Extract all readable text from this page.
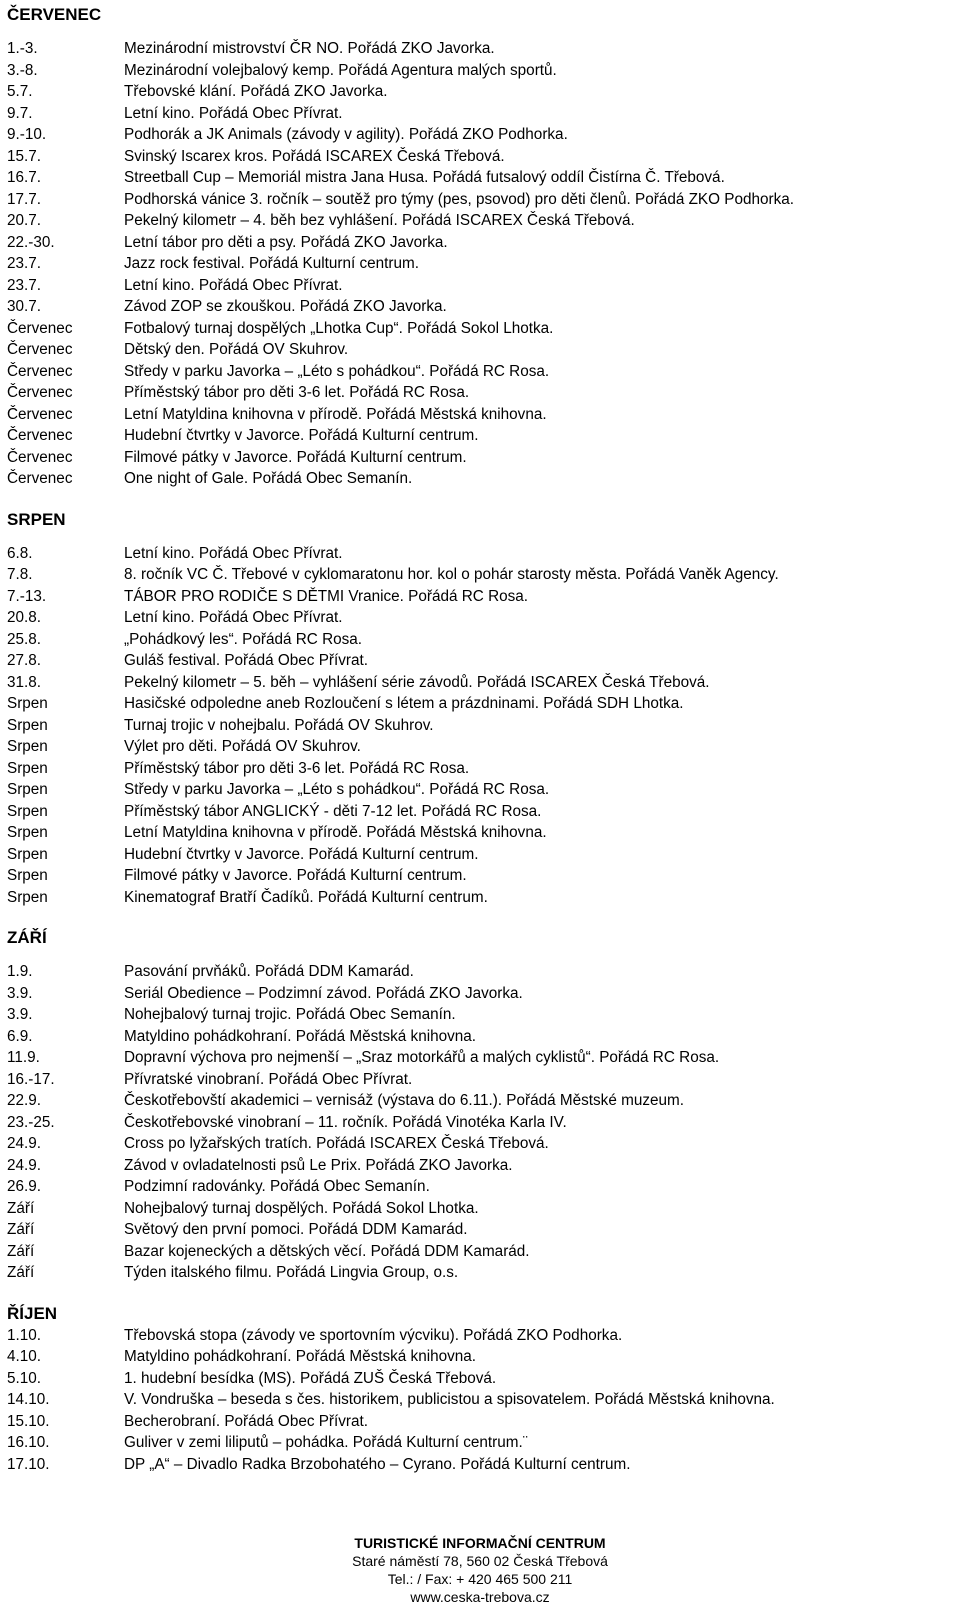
ČERVENEC
1.-3.	Mezinárodní mistrovství ČR NO. Pořádá ZKO Javorka.
3.-8.	Mezinárodní volejbalový kemp. Pořádá Agentura malých sportů.
5.7.	Třebovské klání. Pořádá ZKO Javorka.
9.7.	Letní kino. Pořádá Obec Přívrat.
9.-10.	Podhorák a JK Animals (závody v agility). Pořádá ZKO Podhorka.
15.7.	Svinský Iscarex kros. Pořádá ISCAREX Česká Třebová.
16.7.	Streetball Cup – Memoriál mistra Jana Husa. Pořádá futsalový oddíl Čistírna Č. Třebová.
17.7.	Podhorská vánice 3. ročník – soutěž pro týmy (pes, psovod) pro děti členů. Pořádá ZKO Podhorka.
20.7.	Pekelný kilometr – 4. běh bez vyhlášení. Pořádá ISCAREX Česká Třebová.
22.-30.	Letní tábor pro děti a psy. Pořádá ZKO Javorka.
23.7.	Jazz rock festival. Pořádá Kulturní centrum.
23.7.	Letní kino. Pořádá Obec Přívrat.
30.7.	Závod ZOP se zkouškou. Pořádá ZKO Javorka.
Červenec	Fotbalový turnaj dospělých „Lhotka Cup“. Pořádá Sokol Lhotka.
Červenec	Dětský den. Pořádá OV Skuhrov.
Červenec	Středy v parku Javorka – „Léto s pohádkou“. Pořádá RC Rosa.
Červenec	Příměstský tábor pro děti 3-6 let. Pořádá RC Rosa.
Červenec	Letní Matyldina knihovna v přírodě. Pořádá Městská knihovna.
Červenec	Hudební čtvrtky v Javorce. Pořádá Kulturní centrum.
Červenec	Filmové pátky v Javorce. Pořádá Kulturní centrum.
Červenec	One night of Gale. Pořádá Obec Semanín.
SRPEN
6.8.	Letní kino. Pořádá Obec Přívrat.
7.8.	8. ročník VC Č. Třebové v cyklomaratonu hor. kol o pohár starosty města. Pořádá Vaněk Agency.
7.-13.	TÁBOR PRO RODIČE S DĚTMI Vranice. Pořádá RC Rosa.
20.8.	Letní kino. Pořádá Obec Přívrat.
25.8.	„Pohádkový les“. Pořádá RC Rosa.
27.8.	Guláš festival. Pořádá Obec Přívrat.
31.8.	Pekelný kilometr – 5. běh – vyhlášení série závodů. Pořádá ISCAREX Česká Třebová.
Srpen	Hasičské odpoledne aneb Rozloučení s létem a prázdninami. Pořádá SDH Lhotka.
Srpen	Turnaj trojic v nohejbalu. Pořádá OV Skuhrov.
Srpen	Výlet pro děti. Pořádá OV Skuhrov.
Srpen	Příměstský tábor pro děti 3-6 let. Pořádá RC Rosa.
Srpen	Středy v parku Javorka – „Léto s pohádkou“. Pořádá RC Rosa.
Srpen	Příměstský tábor ANGLICKÝ - děti 7-12 let. Pořádá RC Rosa.
Srpen	Letní Matyldina knihovna v přírodě. Pořádá Městská knihovna.
Srpen	Hudební čtvrtky v Javorce. Pořádá Kulturní centrum.
Srpen	Filmové pátky v Javorce. Pořádá Kulturní centrum.
Srpen	Kinematograf Bratří Čadíků. Pořádá Kulturní centrum.
ZÁŘÍ
1.9.	Pasování prvňáků. Pořádá DDM Kamarád.
3.9.	Seriál Obedience – Podzimní závod. Pořádá ZKO Javorka.
3.9.	Nohejbalový turnaj trojic. Pořádá Obec Semanín.
6.9.	Matyldino pohádkohraní. Pořádá Městská knihovna.
11.9.	Dopravní výchova pro nejmenší – „Sraz motorkářů a malých cyklistů“. Pořádá RC Rosa.
16.-17.	Přívratské vinobraní. Pořádá Obec Přívrat.
22.9.	Českotřebovští akademici – vernisáž (výstava do 6.11.). Pořádá Městské muzeum.
23.-25.	Českotřebovské vinobraní – 11. ročník. Pořádá Vinotéka Karla IV.
24.9.	Cross po lyžařských tratích. Pořádá ISCAREX Česká Třebová.
24.9.	Závod v ovladatelnosti psů Le Prix. Pořádá ZKO Javorka.
26.9.	Podzimní radovánky. Pořádá Obec Semanín.
Září	Nohejbalový turnaj dospělých. Pořádá Sokol Lhotka.
Září	Světový den první pomoci. Pořádá DDM Kamarád.
Září	Bazar kojeneckých a dětských věcí. Pořádá DDM Kamarád.
Září	Týden italského filmu. Pořádá Lingvia Group, o.s.
ŘÍJEN
1.10.	Třebovská stopa (závody ve sportovním výcviku). Pořádá ZKO Podhorka.
4.10.	Matyldino pohádkohraní. Pořádá Městská knihovna.
5.10.	1. hudební besídka (MS). Pořádá ZUŠ Česká Třebová.
14.10.	V. Vondruška – beseda s čes. historikem, publicistou a spisovatelem. Pořádá Městská knihovna.
15.10.	Becherobraní. Pořádá Obec Přívrat.
16.10.	Guliver v zemi liliputů – pohádka. Pořádá Kulturní centrum.¨
17.10.	DP „A“ – Divadlo Radka Brzobohatého – Cyrano. Pořádá Kulturní centrum.
TURISTICKÉ INFORMAČNÍ CENTRUM
Staré náměstí 78, 560 02 Česká Třebová
Tel.: / Fax: + 420 465 500 211
www.ceska-trebova.cz
